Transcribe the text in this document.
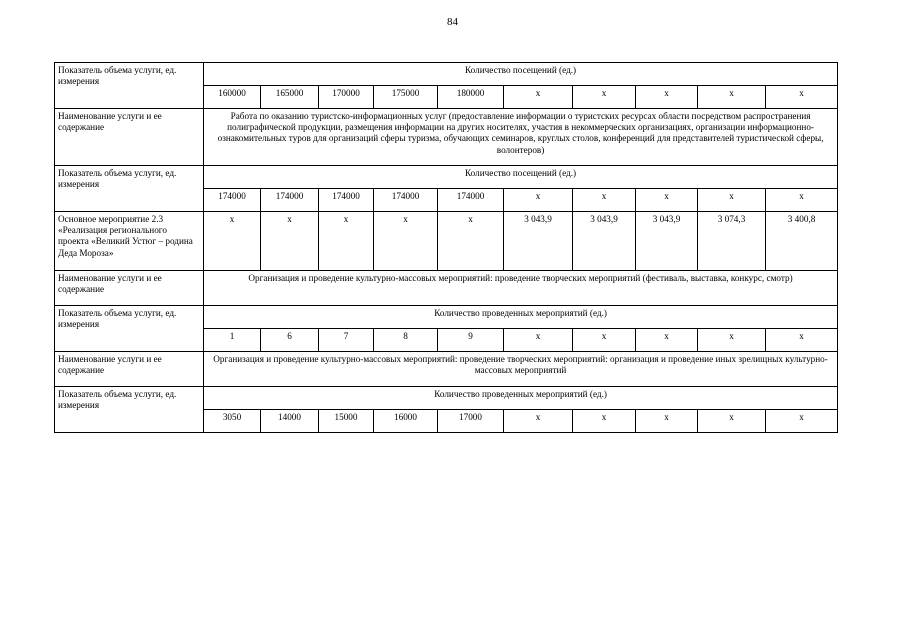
84
Показатель объема услуги, ед. измерения	Количество посещений (ед.)									
	160000	165000	170000	175000	180000	х	х	х	х	х
Наименование услуги и ее содержание	Работа по оказанию туристско-информационных услуг (предоставление информации о туристских ресурсах области посредством распространения полиграфической продукции, размещения информации на других носителях, участия в некоммерческих организациях, организации информационно-ознакомительных туров для организаций сферы туризма, обучающих семинаров, круглых столов, конференций для представителей туристической сферы, волонтеров)									
Показатель объема услуги, ед. измерения	Количество посещений (ед.)									
	174000	174000	174000	174000	174000	х	х	х	х	х
Основное мероприятие 2.3 «Реализация регионального проекта «Великий Устюг – родина Деда Мороза»	х	х	х	х	х	3 043,9	3 043,9	3 043,9	3 074,3	3 400,8
Наименование услуги и ее содержание	Организация и проведение культурно-массовых мероприятий: проведение творческих мероприятий (фестиваль, выставка, конкурс, смотр)									
Показатель объема услуги, ед. измерения	Количество проведенных мероприятий (ед.)									
	1	6	7	8	9	х	х	х	х	х
Наименование услуги и ее содержание	Организация и проведение культурно-массовых мероприятий: проведение творческих мероприятий: организация и проведение иных зрелищных культурно-массовых мероприятий									
Показатель объема услуги, ед. измерения	Количество проведенных мероприятий (ед.)									
	3050	14000	15000	16000	17000	х	х	х	х	х
